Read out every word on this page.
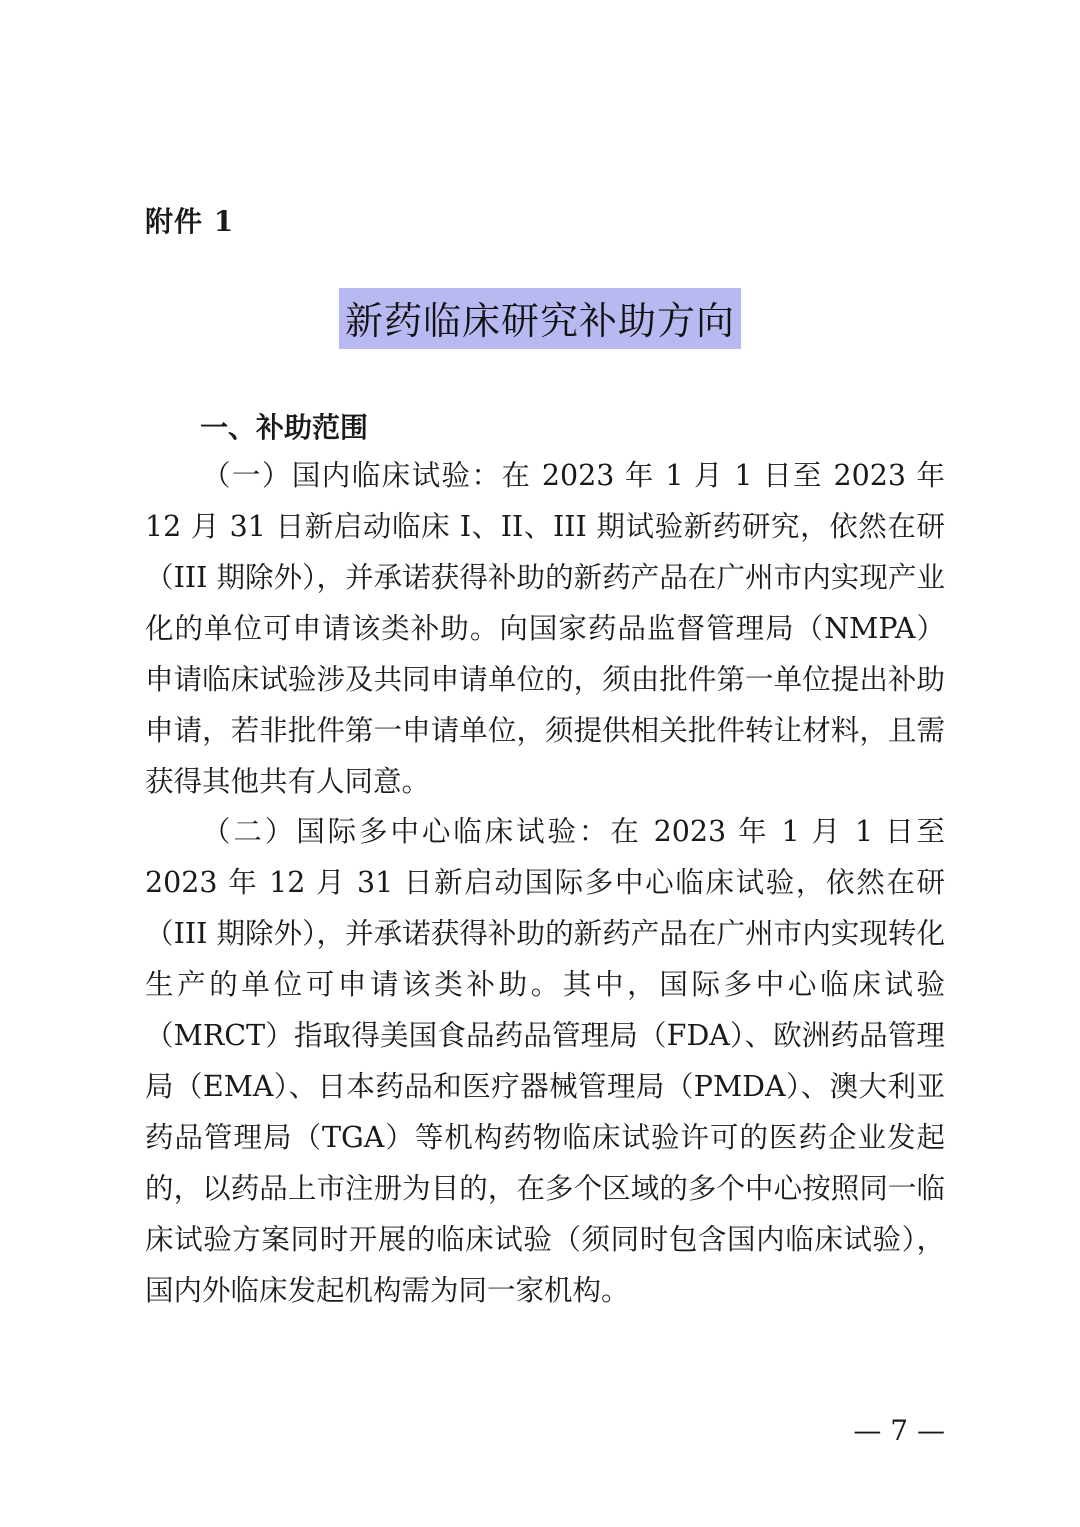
附件 1
新药临床研究补助方向
一、补助范围

（一）国内临床试验：在 2023 年 1 月 1 日至 2023 年 12 月 31 日新启动临床 I、II、III 期试验新药研究，依然在研（III 期除外），并承诺获得补助的新药产品在广州市内实现产业化的单位可申请该类补助。向国家药品监督管理局（NMPA）申请临床试验涉及共同申请单位的，须由批件第一单位提出补助申请，若非批件第一申请单位，须提供相关批件转让材料，且需获得其他共有人同意。

（二）国际多中心临床试验：在 2023 年 1 月 1 日至 2023 年 12 月 31 日新启动国际多中心临床试验，依然在研（III 期除外），并承诺获得补助的新药产品在广州市内实现转化生产的单位可申请该类补助。其中，国际多中心临床试验（MRCT）指取得美国食品药品管理局（FDA）、欧洲药品管理局（EMA）、日本药品和医疗器械管理局（PMDA）、澳大利亚药品管理局（TGA）等机构药物临床试验许可的医药企业发起的，以药品上市注册为目的，在多个区域的多个中心按照同一临床试验方案同时开展的临床试验（须同时包含国内临床试验），国内外临床发起机构需为同一家机构。

— 7 —
